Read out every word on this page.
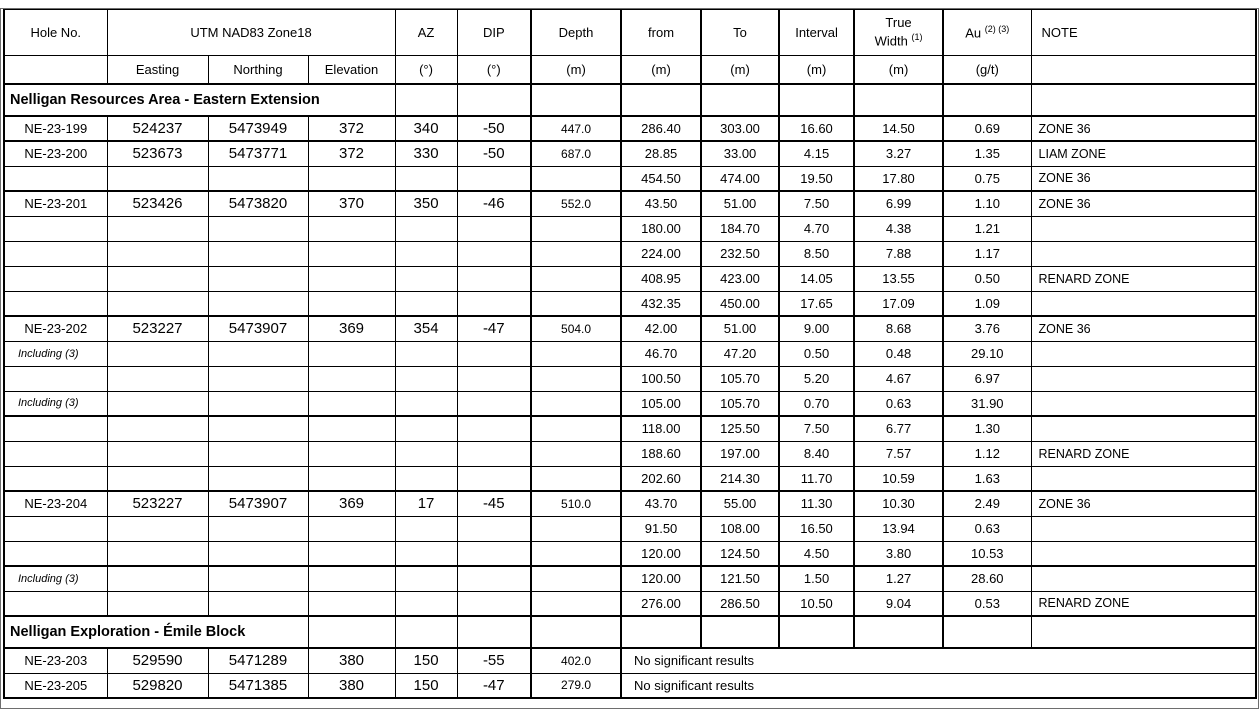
Hole No.	UTM NAD83 Zone18			AZ	DIP	Depth	from	To	Interval	True
Width $^{(1)}$	Au $^{(2) (3)}$	NOTE
	Easting	Northing	Elevation	(°)	(°)	(m)	(m)	(m)	(m)	(m)	(g/t)	
Nelligan Resources Area - Eastern Extension												
NE-23-199	524237	5473949	372	340	-50	447.0	286.40	303.00	16.60	14.50	0.69	ZONE 36
NE-23-200	523673	5473771	372	330	-50	687.0	28.85	33.00	4.15	3.27	1.35	LIAM ZONE
							454.50	474.00	19.50	17.80	0.75	ZONE 36
NE-23-201	523426	5473820	370	350	-46	552.0	43.50	51.00	7.50	6.99	1.10	ZONE 36
							180.00	184.70	4.70	4.38	1.21	
							224.00	232.50	8.50	7.88	1.17	
							408.95	423.00	14.05	13.55	0.50	RENARD ZONE
							432.35	450.00	17.65	17.09	1.09	
NE-23-202	523227	5473907	369	354	-47	504.0	42.00	51.00	9.00	8.68	3.76	ZONE 36
Including (3)							46.70	47.20	0.50	0.48	29.10	
							100.50	105.70	5.20	4.67	6.97	
Including (3)							105.00	105.70	0.70	0.63	31.90	
							118.00	125.50	7.50	6.77	1.30	
							188.60	197.00	8.40	7.57	1.12	RENARD ZONE
							202.60	214.30	11.70	10.59	1.63	
NE-23-204	523227	5473907	369	17	-45	510.0	43.70	55.00	11.30	10.30	2.49	ZONE 36
							91.50	108.00	16.50	13.94	0.63	
							120.00	124.50	4.50	3.80	10.53	
Including (3)							120.00	121.50	1.50	1.27	28.60	
							276.00	286.50	10.50	9.04	0.53	RENARD ZONE
Nelligan Exploration - Émile Block												
NE-23-203	529590	5471289	380	150	-55	402.0	No significant results					
NE-23-205	529820	5471385	380	150	-47	279.0	No significant results					
